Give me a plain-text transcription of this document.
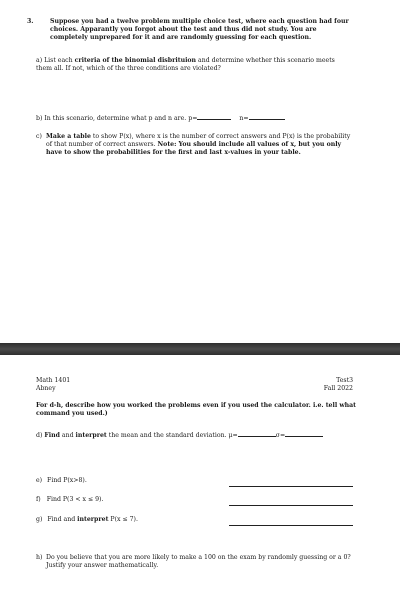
3.	Suppose you had a twelve problem multiple choice test, where each question had four choices. Apparantly you forgot about the test and thus did not study. You are completely unprepared for it and are randomly guessing for each question.
a) List each criteria of the binomial disbrituion and determine whether this scenario meets them all. If not, which of the three conditions are violated?
b) In this scenario, determine what p and n are. p=	n=
c) Make a table to show P(x), where x is the number of correct answers and P(x) is the probability of that number of correct answers. Note: You should include all values of x, but you only have to show the probabilities for the first and last x-values in your table.
Math 1401
Abney
Test3
Fall 2022
For d-h, describe how you worked the problems even if you used the calculator. i.e. tell what command you used.)
d) Find and interpret the mean and the standard deviation. μ=	σ=
e) Find P(x>8).
f) Find P(3 < x ≤ 9).
g) Find and interpret P(x ≤ 7).
h) Do you believe that you are more likely to make a 100 on the exam by randomly guessing or a 0? Justify your answer mathematically.
